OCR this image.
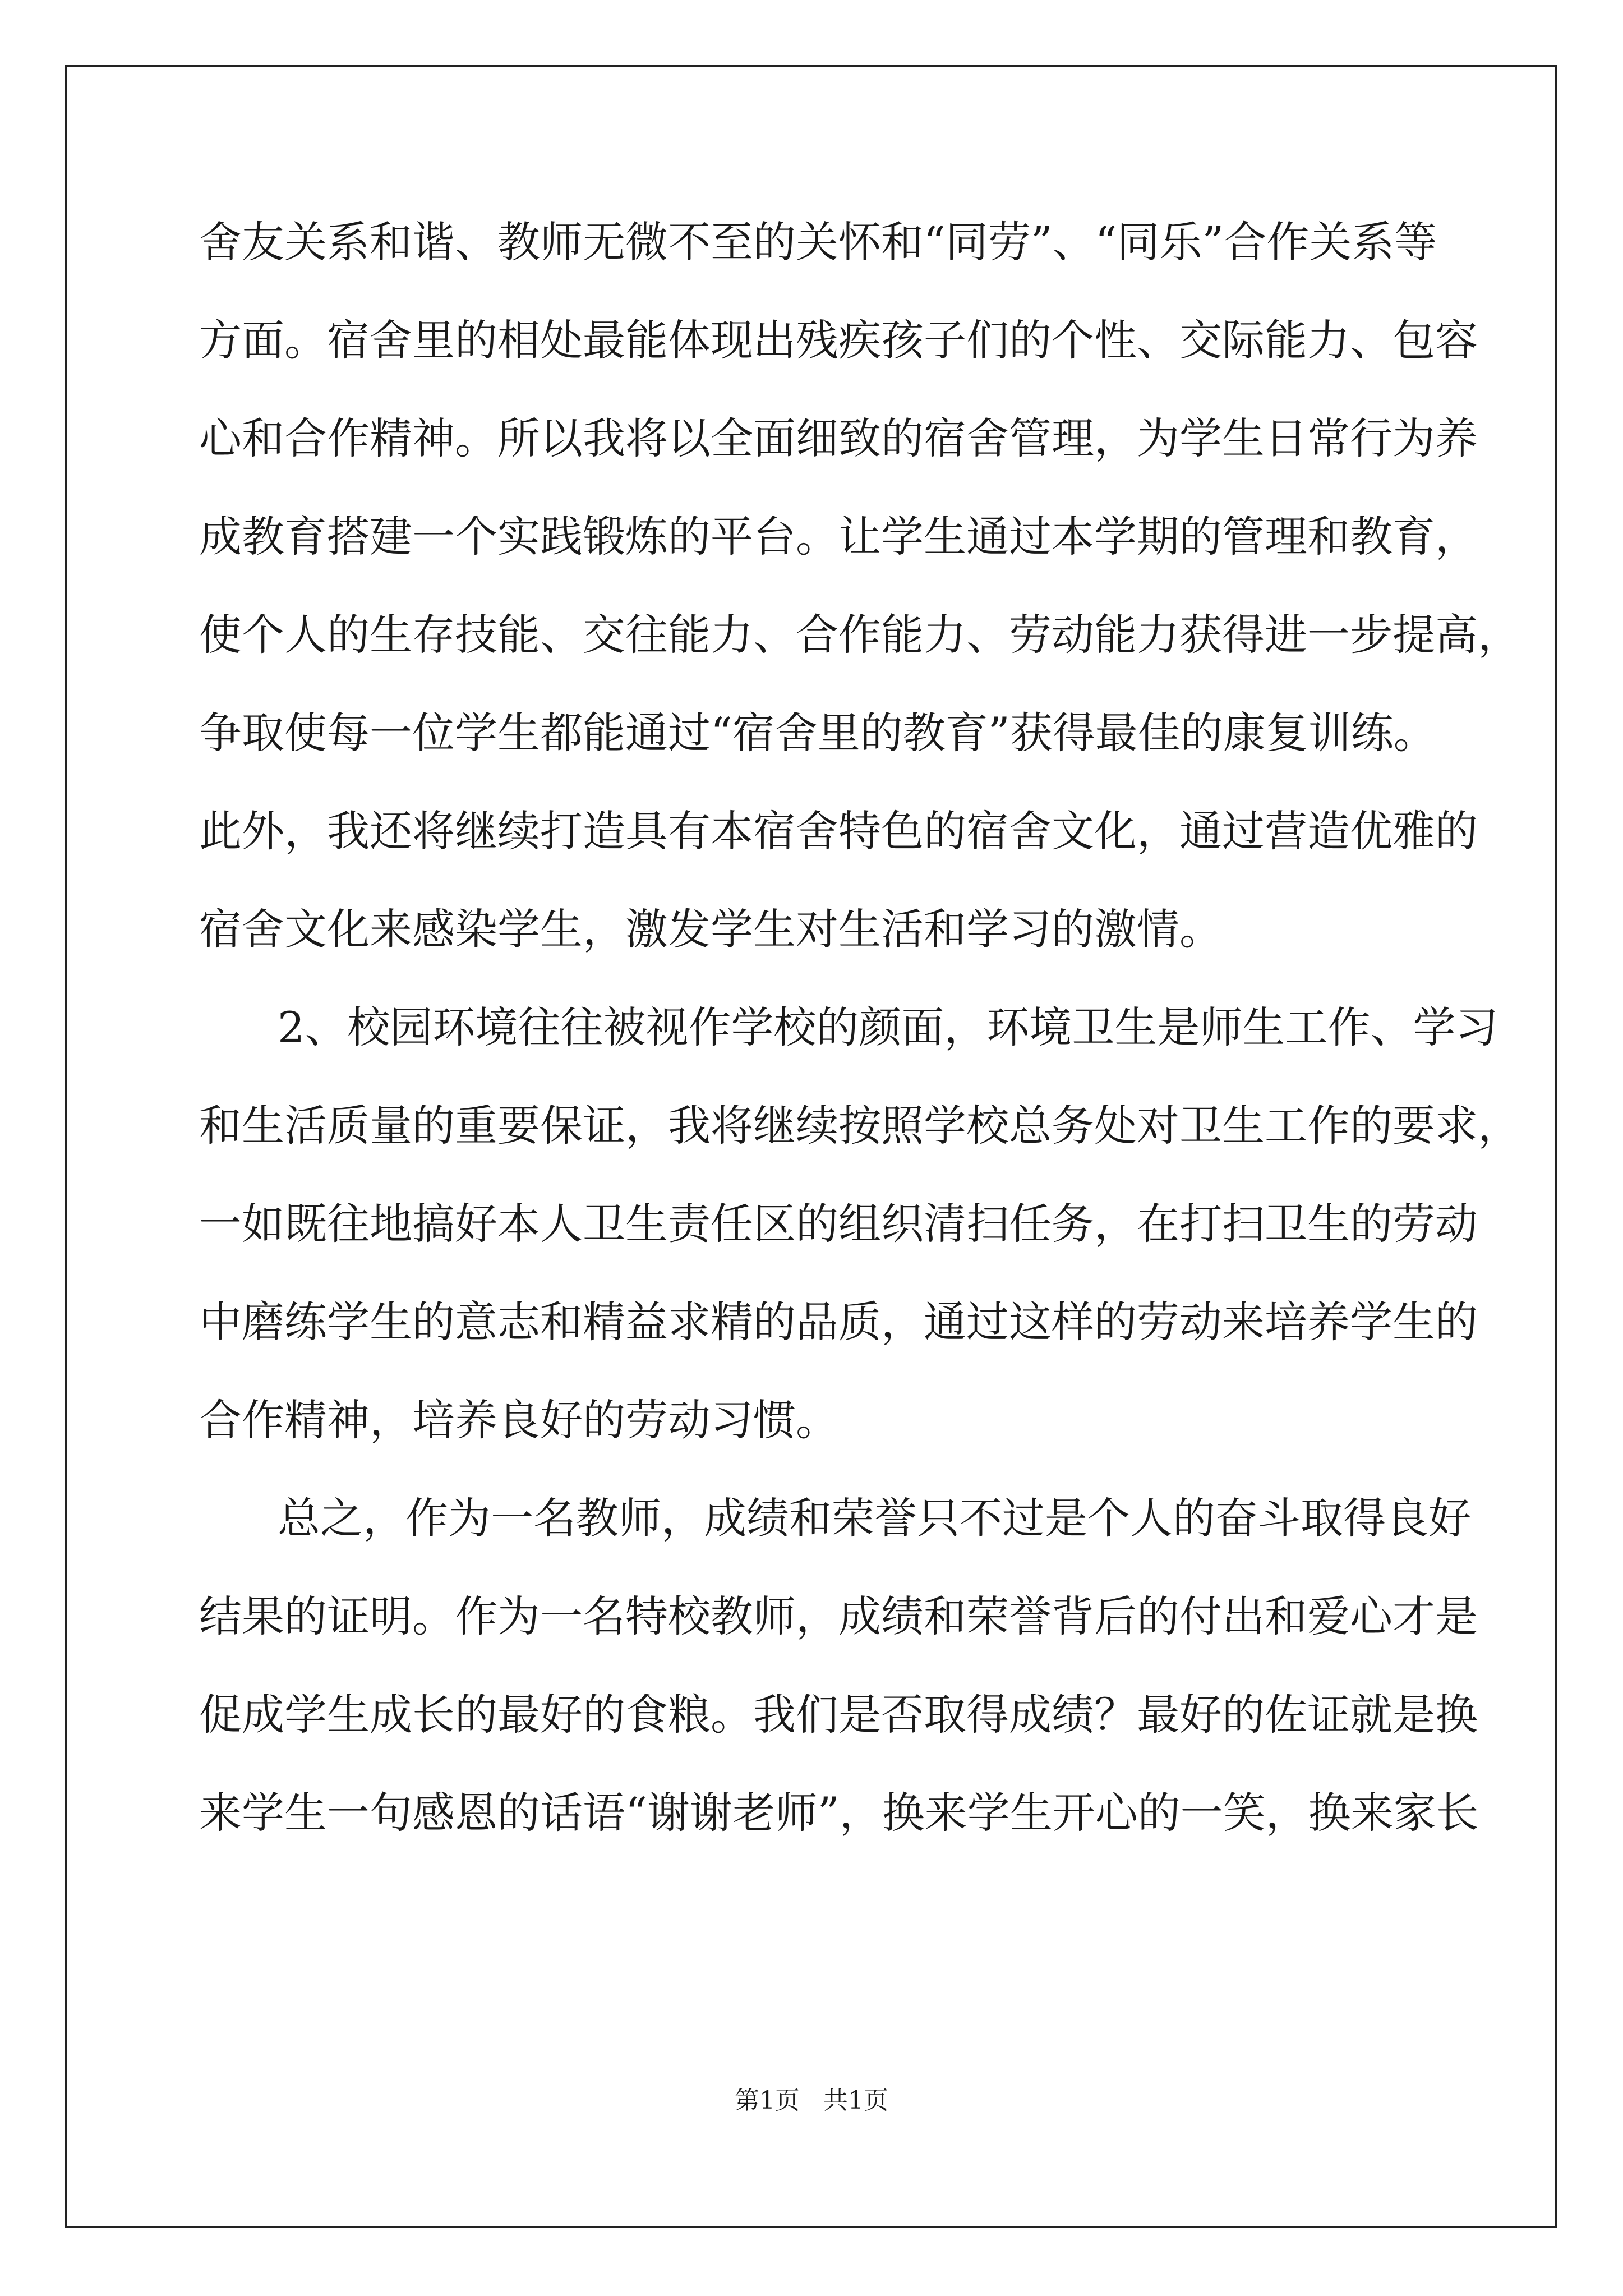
舍友关系和谐、教师无微不至的关怀和“同劳”、“同乐”合作关系等
方面。宿舍里的相处最能体现出残疾孩子们的个性、交际能力、包容
心和合作精神。所以我将以全面细致的宿舍管理，为学生日常行为养
成教育搭建一个实践锻炼的平台。让学生通过本学期的管理和教育，
使个人的生存技能、交往能力、合作能力、劳动能力获得进一步提高，
争取使每一位学生都能通过“宿舍里的教育”获得最佳的康复训练。
此外，我还将继续打造具有本宿舍特色的宿舍文化，通过营造优雅的
宿舍文化来感染学生，激发学生对生活和学习的激情。
2、校园环境往往被视作学校的颜面，环境卫生是师生工作、学习
和生活质量的重要保证，我将继续按照学校总务处对卫生工作的要求，
一如既往地搞好本人卫生责任区的组织清扫任务，在打扫卫生的劳动
中磨练学生的意志和精益求精的品质，通过这样的劳动来培养学生的
合作精神，培养良好的劳动习惯。
总之，作为一名教师，成绩和荣誉只不过是个人的奋斗取得良好
结果的证明。作为一名特校教师，成绩和荣誉背后的付出和爱心才是
促成学生成长的最好的食粮。我们是否取得成绩？最好的佐证就是换
来学生一句感恩的话语“谢谢老师”，换来学生开心的一笑，换来家长
第1页   共1页
